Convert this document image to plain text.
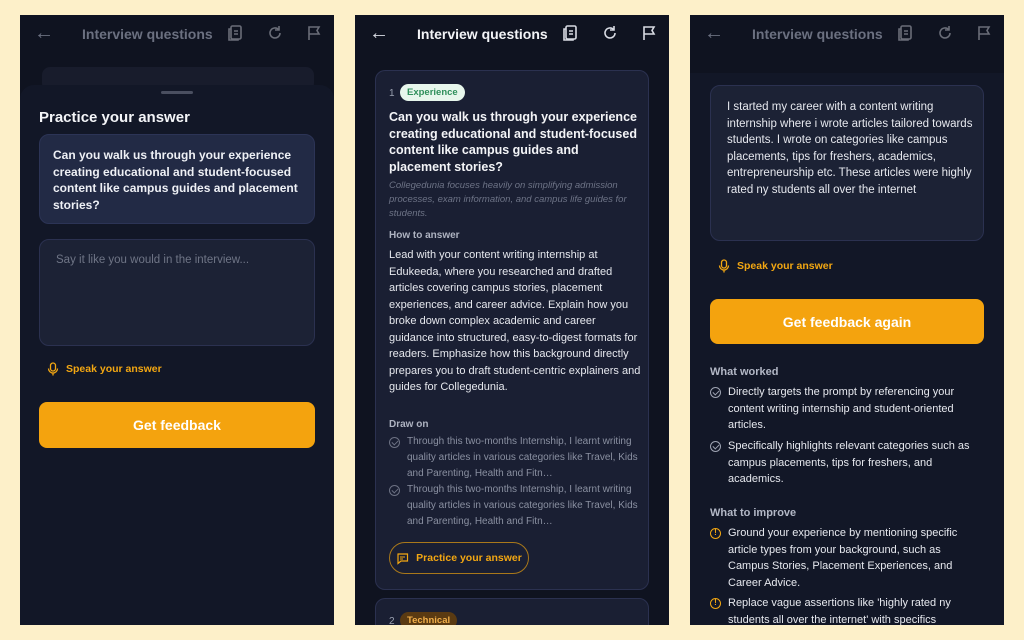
← Interview questions
Practice your answer
Can you walk us through your experience creating educational and student-focused content like campus guides and placement stories?
Say it like you would in the interview...
Speak your answer
Get feedback
← Interview questions
1	Experience
Can you walk us through your experience creating educational and student-focused content like campus guides and placement stories?
Collegedunia focuses heavily on simplifying admission processes, exam information, and campus life guides for students.
How to answer
Lead with your content writing internship at Edukeeda, where you researched and drafted articles covering campus stories, placement experiences, and career advice. Explain how you broke down complex academic and career guidance into structured, easy-to-digest formats for readers. Emphasize how this background directly prepares you to draft student-centric explainers and guides for Collegedunia.
Draw on
Through this two-months Internship, I learnt writing quality articles in various categories like Travel, Kids and Parenting, Health and Fitn…
Through this two-months Internship, I learnt writing quality articles in various categories like Travel, Kids and Parenting, Health and Fitn…
Practice your answer
2	Technical
← Interview questions
I started my career with a content writing internship where i wrote articles tailored towards students. I wrote on categories like campus placements, tips for freshers, academics, entrepreneurship etc. These articles were highly rated ny students all over the internet
Speak your answer
Get feedback again
What worked
Directly targets the prompt by referencing your content writing internship and student-oriented articles.
Specifically highlights relevant categories such as campus placements, tips for freshers, and academics.
What to improve
!
Ground your experience by mentioning specific article types from your background, such as Campus Stories, Placement Experiences, and Career Advice.
!
Replace vague assertions like 'highly rated ny students all over the internet' with specifics
